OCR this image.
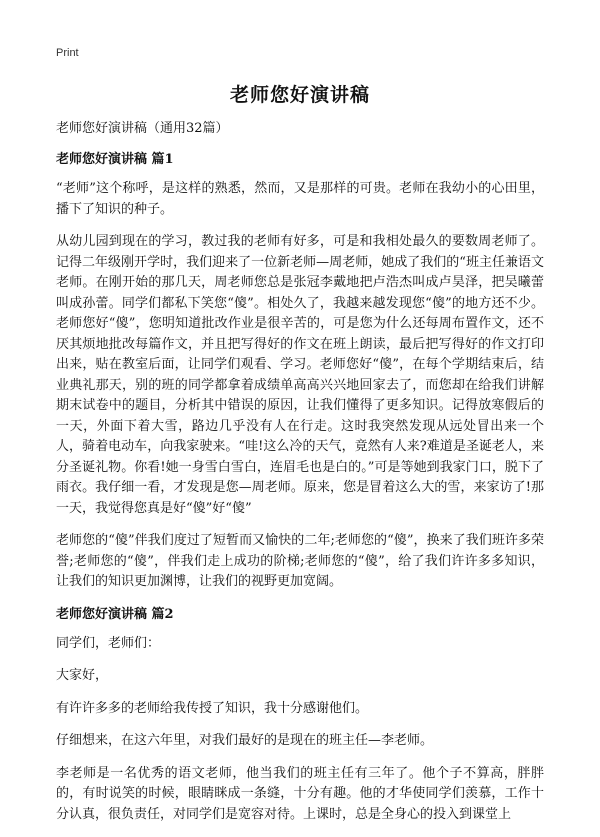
Print
老师您好演讲稿
老师您好演讲稿（通用32篇）
老师您好演讲稿 篇1

“老师”这个称呼，是这样的熟悉，然而，又是那样的可贵。老师在我幼小的心田里，播下了知识的种子。

从幼儿园到现在的学习，教过我的老师有好多，可是和我相处最久的要数周老师了。记得二年级刚开学时，我们迎来了一位新老师—周老师，她成了我们的“班主任兼语文老师。在刚开始的那几天，周老师您总是张冠李戴地把卢浩杰叫成卢昊泽，把吴曦蕾叫成孙蕾。同学们都私下笑您“傻”。相处久了，我越来越发现您“傻”的地方还不少。老师您好“傻”，您明知道批改作业是很辛苦的，可是您为什么还每周布置作文，还不厌其烦地批改每篇作文，并且把写得好的作文在班上朗读，最后把写得好的作文打印出来，贴在教室后面，让同学们观看、学习。老师您好“傻”，在每个学期结束后，结业典礼那天，别的班的同学都拿着成绩单高高兴兴地回家去了，而您却在给我们讲解期末试卷中的题目，分析其中错误的原因，让我们懂得了更多知识。记得放寒假后的一天，外面下着大雪，路边几乎没有人在行走。这时我突然发现从远处冒出来一个人，骑着电动车，向我家驶来。“哇!这么冷的天气，竟然有人来?难道是圣诞老人，来分圣诞礼物。你看!她一身雪白雪白，连眉毛也是白的。”可是等她到我家门口，脱下了雨衣。我仔细一看，才发现是您—周老师。原来，您是冒着这么大的雪，来家访了!那一天，我觉得您真是好“傻”好“傻”

老师您的“傻”伴我们度过了短暂而又愉快的二年;老师您的“傻”，换来了我们班许多荣誉;老师您的“傻”，伴我们走上成功的阶梯;老师您的“傻”，给了我们许许多多知识，让我们的知识更加渊博，让我们的视野更加宽阔。

老师您好演讲稿 篇2

同学们，老师们：

大家好，

有许许多多的老师给我传授了知识，我十分感谢他们。

仔细想来，在这六年里，对我们最好的是现在的班主任—李老师。

李老师是一名优秀的语文老师，他当我们的班主任有三年了。他个子不算高，胖胖的，有时说笑的时候，眼睛眯成一条缝，十分有趣。他的才华使同学们羡慕，工作十分认真，很负责任，对同学们是宽容对待。上课时，总是全身心的投入到课堂上
